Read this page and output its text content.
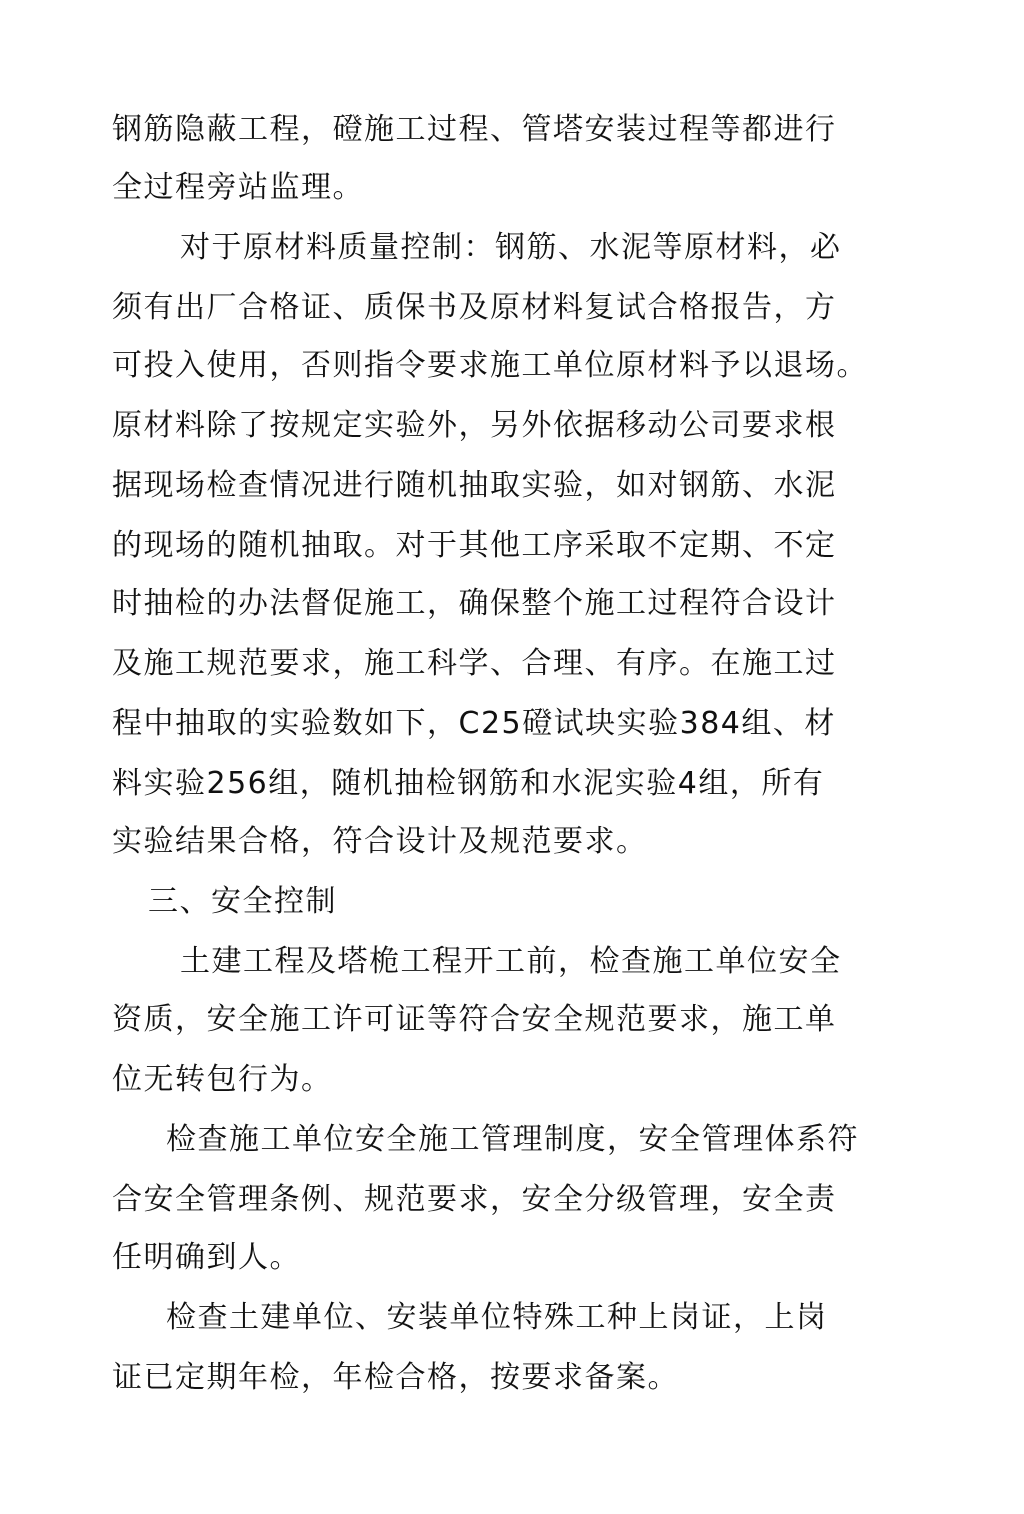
钢筋隐蔽工程，磴施工过程、管塔安装过程等都进行
全过程旁站监理。
对于原材料质量控制：钢筋、水泥等原材料，必
须有出厂合格证、质保书及原材料复试合格报告，方
可投入使用，否则指令要求施工单位原材料予以退场。
原材料除了按规定实验外，另外依据移动公司要求根
据现场检查情况进行随机抽取实验，如对钢筋、水泥
的现场的随机抽取。对于其他工序采取不定期、不定
时抽检的办法督促施工，确保整个施工过程符合设计
及施工规范要求，施工科学、合理、有序。在施工过
程中抽取的实验数如下，C25磴试块实验384组、材
料实验256组，随机抽检钢筋和水泥实验4组，所有
实验结果合格，符合设计及规范要求。
三、安全控制
土建工程及塔桅工程开工前，检查施工单位安全
资质，安全施工许可证等符合安全规范要求，施工单
位无转包行为。
检查施工单位安全施工管理制度，安全管理体系符
合安全管理条例、规范要求，安全分级管理，安全责
任明确到人。
检查土建单位、安装单位特殊工种上岗证，上岗
证已定期年检，年检合格，按要求备案。
